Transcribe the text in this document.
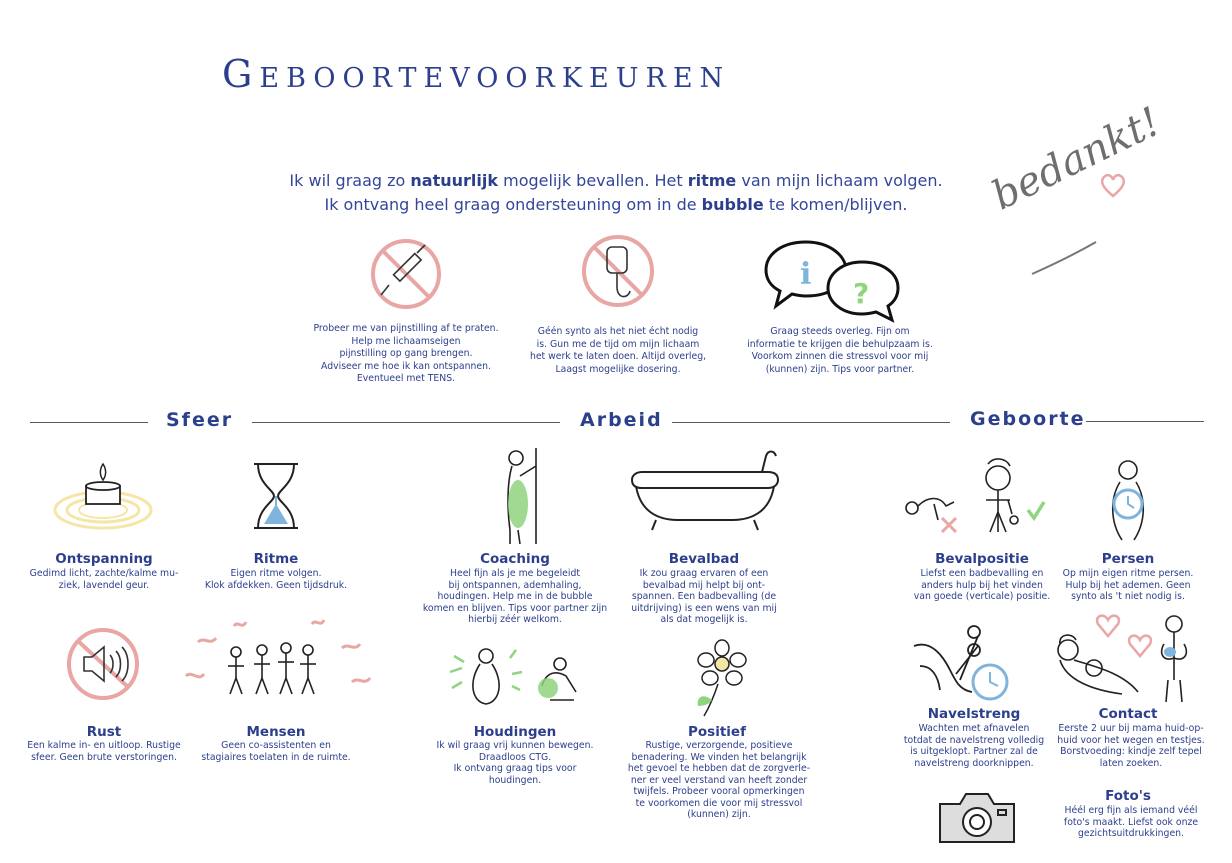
Geboortevoorkeuren
Ik wil graag zo natuurlijk mogelijk bevallen. Het ritme van mijn lichaam volgen.
Ik ontvang heel graag ondersteuning om in de bubble te komen/blijven.	bedankt!
Probeer me van pijnstilling af te praten.
Help me lichaamseigen
pijnstilling op gang brengen.
Adviseer me hoe ik kan ontspannen.
Eventueel met TENS.
Géén synto als het niet écht nodig
is. Gun me de tijd om mijn lichaam
het werk te laten doen. Altijd overleg,
Laagst mogelijke dosering.
i
?
Graag steeds overleg. Fijn om
informatie te krijgen die behulpzaam is.
Voorkom zinnen die stressvol voor mij
(kunnen) zijn. Tips voor partner.
Sfeer	Arbeid	Geboorte
Ontspanning
Gedimd licht, zachte/kalme mu-
ziek, lavendel geur.
Ritme
Eigen ritme volgen.
Klok afdekken. Geen tijdsdruk.
Rust
Een kalme in- en uitloop. Rustige
sfeer. Geen brute verstoringen.
Mensen
Geen co-assistenten en
stagiaires toelaten in de ruimte.
Coaching
Heel fijn als je me begeleidt
bij ontspannen, ademhaling,
houdingen. Help me in de bubble
komen en blijven. Tips voor partner zijn
hierbij zéér welkom.
Bevalbad
Ik zou graag ervaren of een
bevalbad mij helpt bij ont-
spannen. Een badbevalling (de
uitdrijving) is een wens van mij
als dat mogelijk is.
Houdingen
Ik wil graag vrij kunnen bewegen.
Draadloos CTG.
Ik ontvang graag tips voor
houdingen.
Positief
Rustige, verzorgende, positieve
benadering. We vinden het belangrijk
het gevoel te hebben dat de zorgverle-
ner er veel verstand van heeft zonder
twijfels. Probeer vooral opmerkingen
te voorkomen die voor mij stressvol
(kunnen) zijn.
Bevalpositie
Liefst een badbevalling en
anders hulp bij het vinden
van goede (verticale) positie.
Persen
Op mijn eigen ritme persen.
Hulp bij het ademen. Geen
synto als 't niet nodig is.
Navelstreng
Wachten met afnavelen
totdat de navelstreng volledig
is uitgeklopt. Partner zal de
navelstreng doorknippen.
Contact
Eerste 2 uur bij mama huid-op-
huid voor het wegen en testjes.
Borstvoeding: kindje zelf tepel
laten zoeken.
Foto's
Héél erg fijn als iemand véél
foto's maakt. Liefst ook onze
gezichtsuitdrukkingen.
